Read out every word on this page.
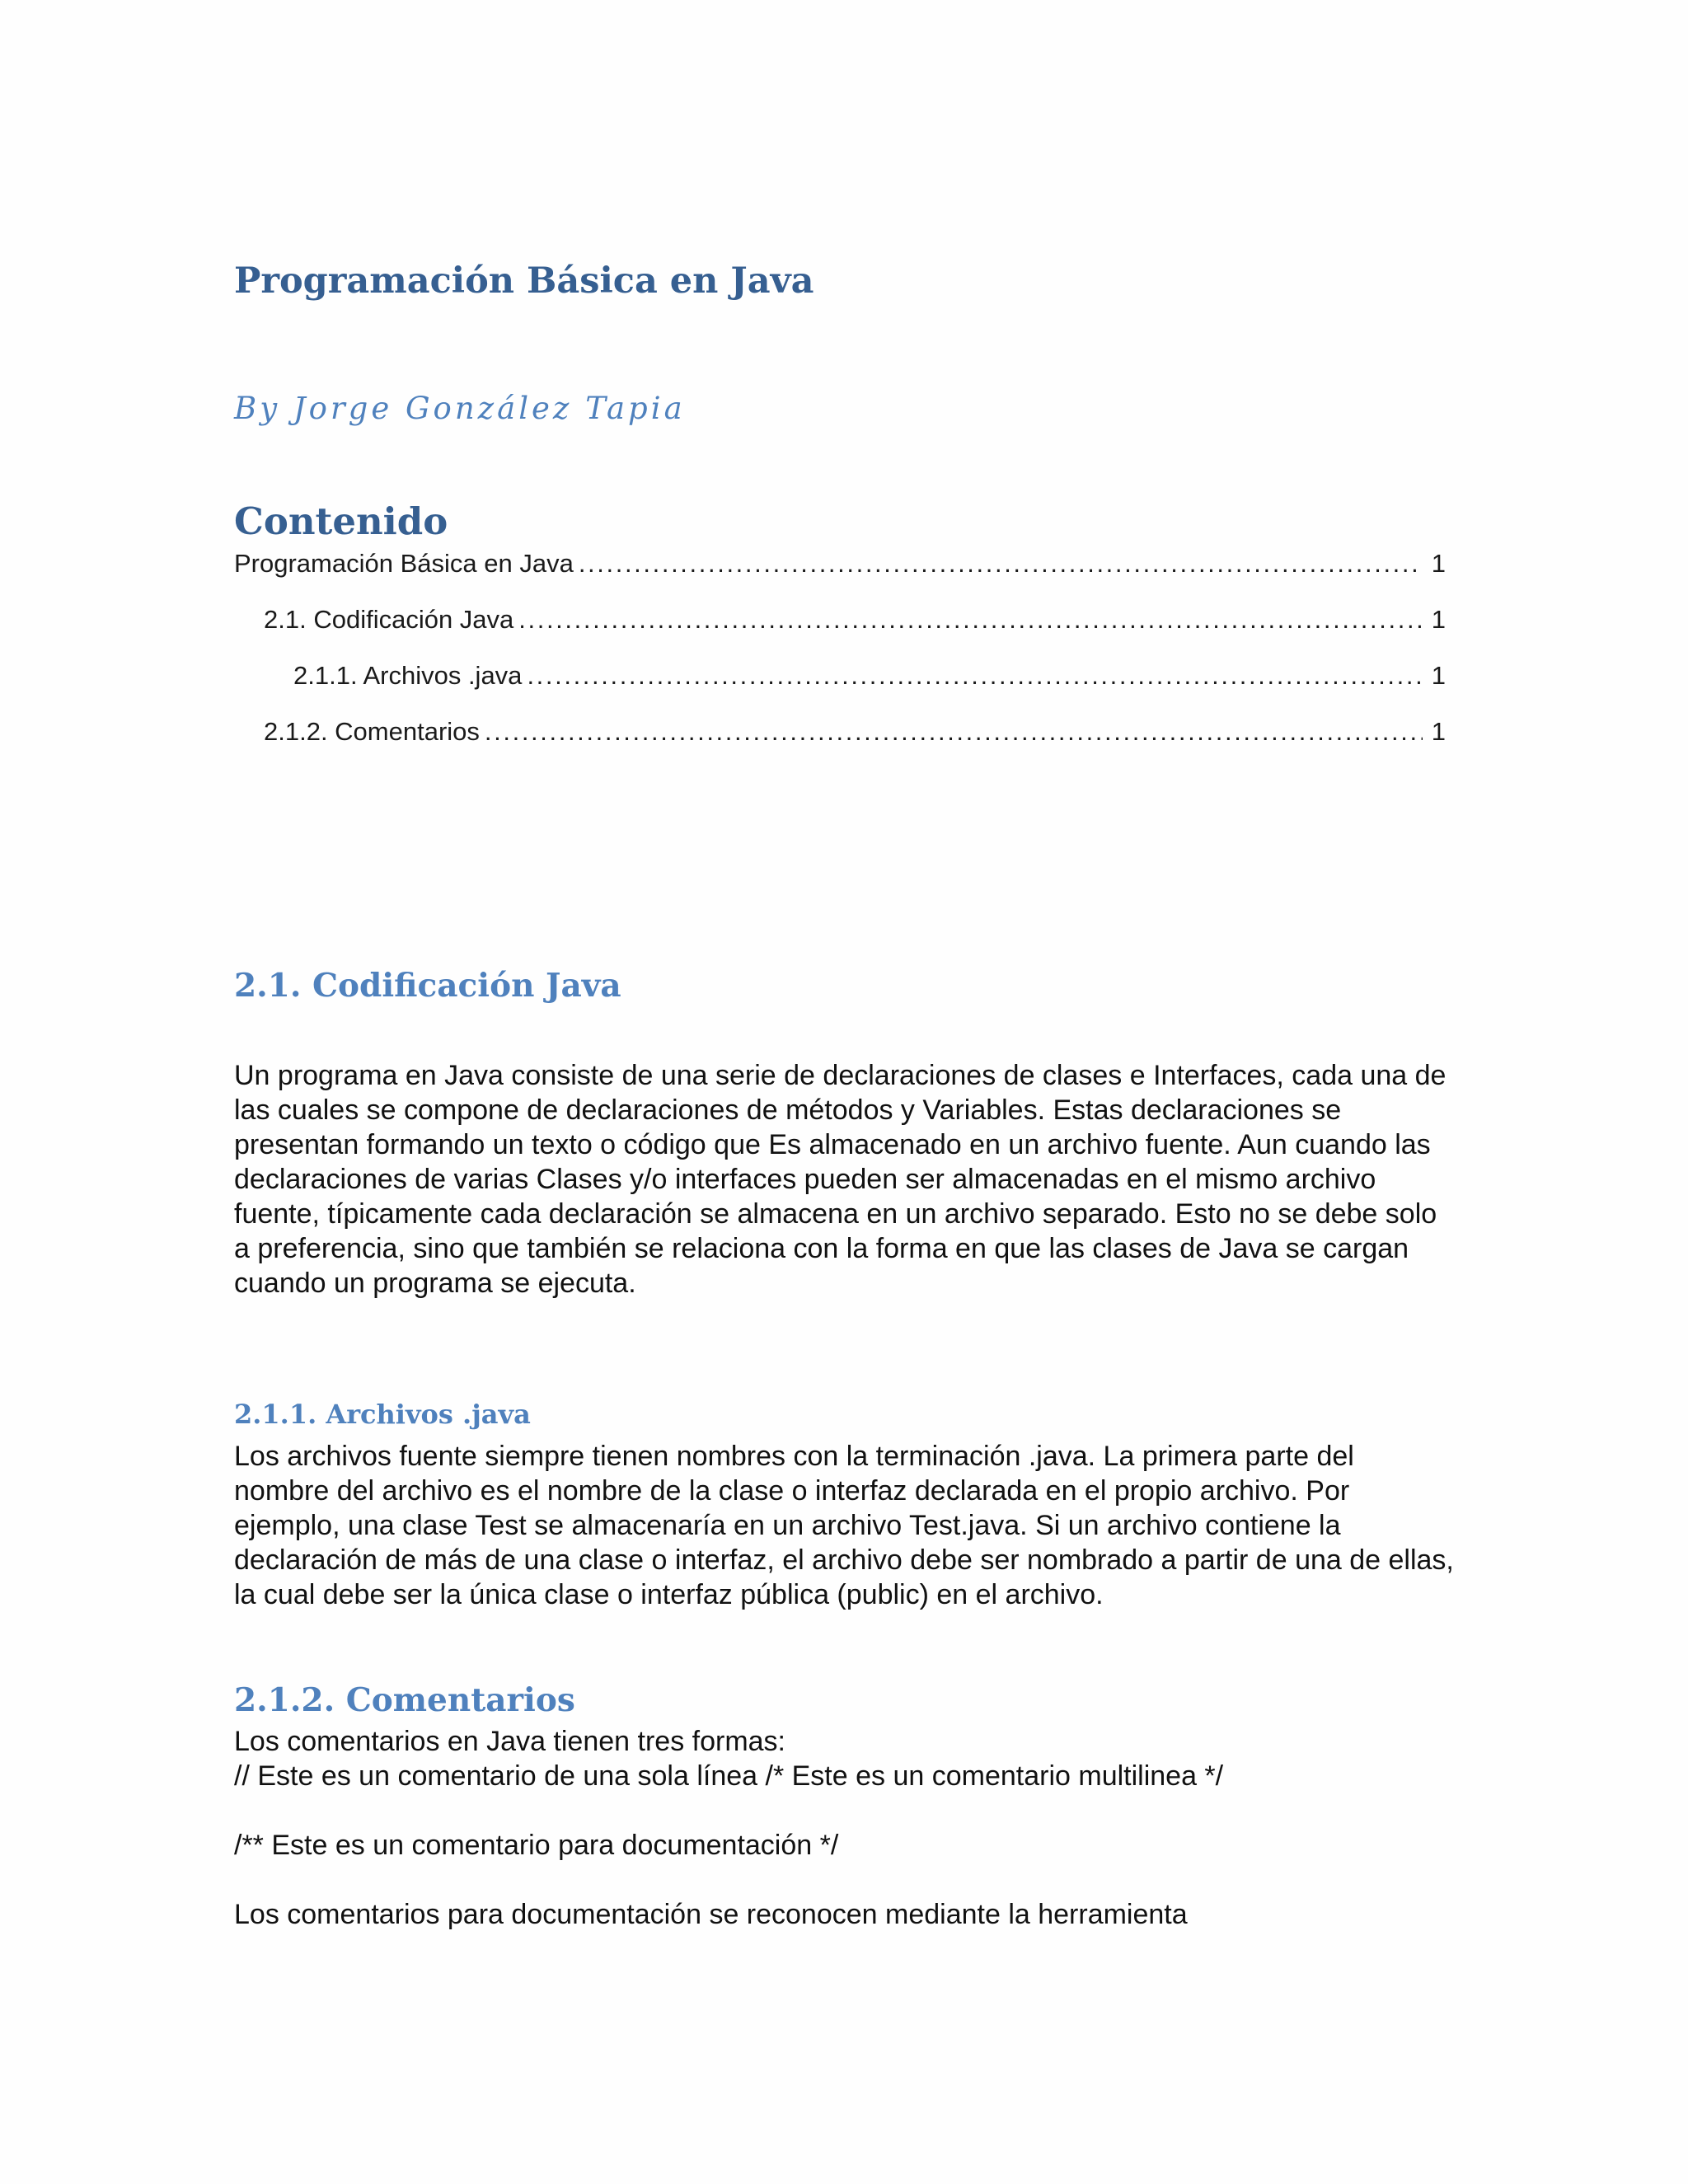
Programación Básica en Java

By Jorge González Tapia

Contenido
Programación Básica en Java . . .	1
2.1. Codificación Java . . .	1
2.1.1. Archivos .java . . .	1
2.1.2. Comentarios . . .	1
2.1. Codificación Java

Un programa en Java consiste de una serie de declaraciones de clases e Interfaces, cada una de las cuales se compone de declaraciones de métodos y Variables. Estas declaraciones se presentan formando un texto o código que Es almacenado en un archivo fuente. Aun cuando las declaraciones de varias Clases y/o interfaces pueden ser almacenadas en el mismo archivo fuente, típicamente cada declaración se almacena en un archivo separado. Esto no se debe solo a preferencia, sino que también se relaciona con la forma en que las clases de Java se cargan cuando un programa se ejecuta.

2.1.1. Archivos .java

Los archivos fuente siempre tienen nombres con la terminación .java. La primera parte del nombre del archivo es el nombre de la clase o interfaz declarada en el propio archivo. Por ejemplo, una clase Test se almacenaría en un archivo Test.java. Si un archivo contiene la declaración de más de una clase o interfaz, el archivo debe ser nombrado a partir de una de ellas, la cual debe ser la única clase o interfaz pública (public) en el archivo.

2.1.2. Comentarios

Los comentarios en Java tienen tres formas:

// Este es un comentario de una sola línea /* Este es un comentario multilinea */

/** Este es un comentario para documentación */

Los comentarios para documentación se reconocen mediante la herramienta
